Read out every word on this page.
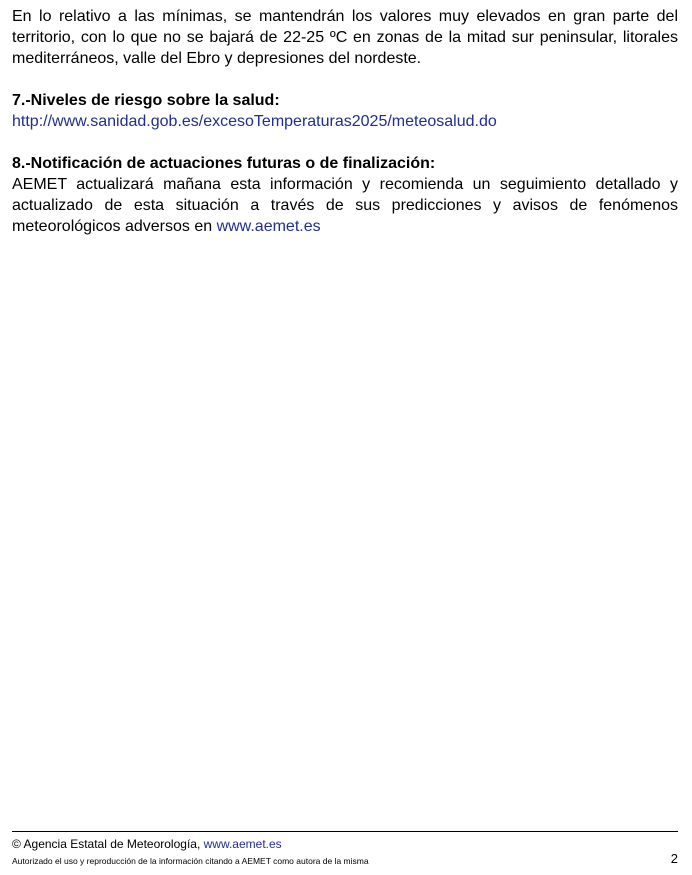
En lo relativo a las mínimas, se mantendrán los valores muy elevados en gran parte del territorio, con lo que no se bajará de 22-25 ºC en zonas de la mitad sur peninsular, litorales mediterráneos, valle del Ebro y depresiones del nordeste.

7.-Niveles de riesgo sobre la salud:

http://www.sanidad.gob.es/excesoTemperaturas2025/meteosalud.do

8.-Notificación de actuaciones futuras o de finalización:

AEMET actualizará mañana esta información y recomienda un seguimiento detallado y actualizado de esta situación a través de sus predicciones y avisos de fenómenos meteorológicos adversos en www.aemet.es

© Agencia Estatal de Meteorología, www.aemet.es
Autorizado el uso y reproducción de la información citando a AEMET como autora de la misma	2
